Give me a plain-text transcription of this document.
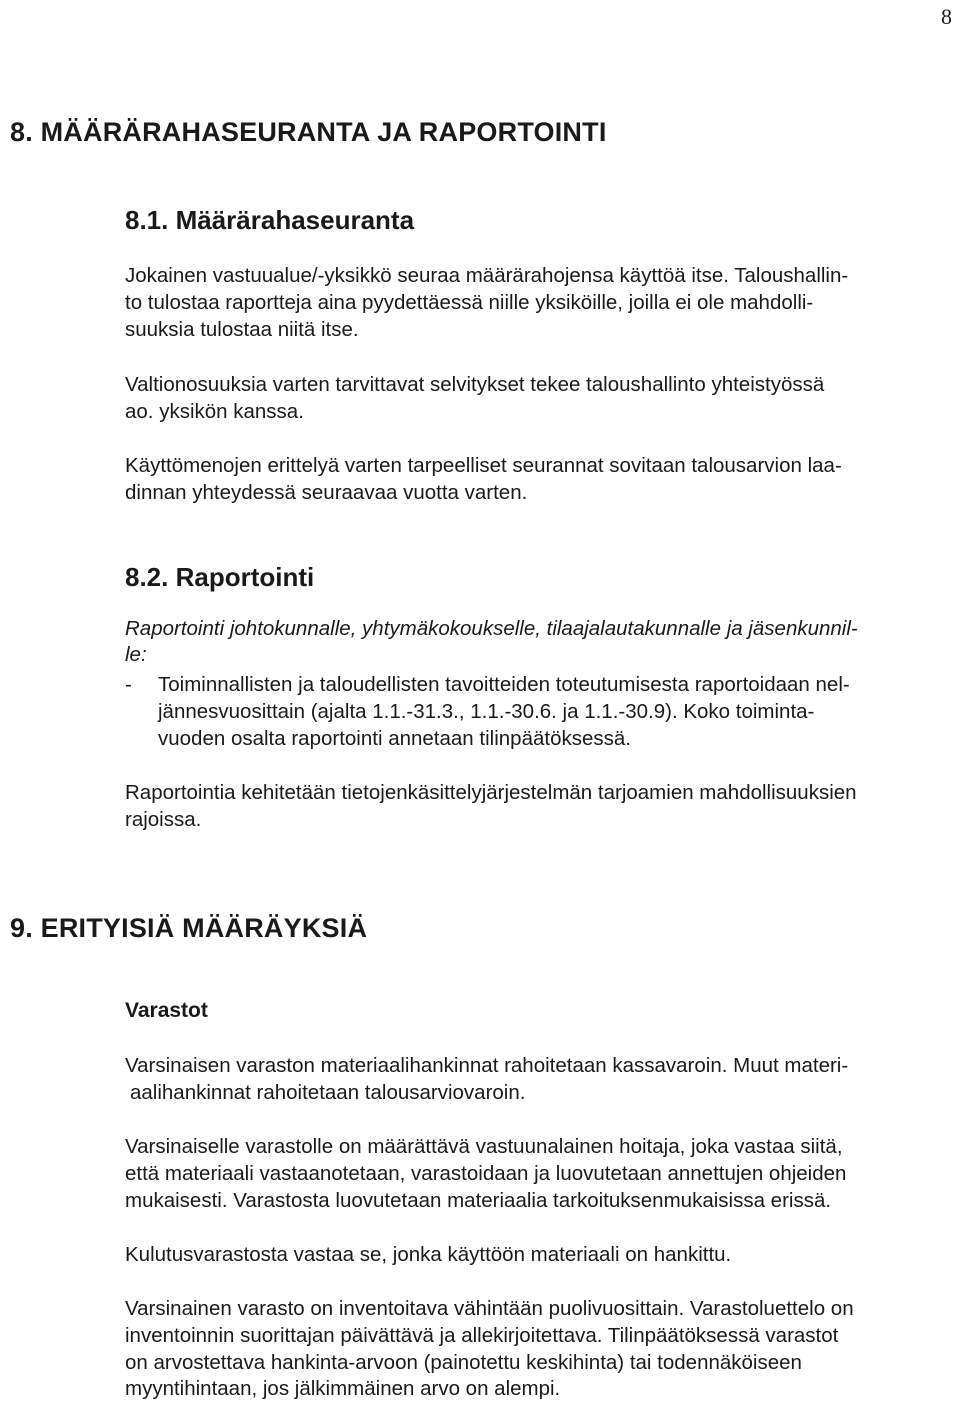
8
8. MÄÄRÄRAHASEURANTA JA RAPORTOINTI
8.1. Määrärahaseuranta

Jokainen vastuualue/-yksikkö seuraa määrärahojensa käyttöä itse. Taloushallin-

to tulostaa raportteja aina pyydettäessä niille yksiköille, joilla ei ole mahdolli-

suuksia tulostaa niitä itse.

Valtionosuuksia varten tarvittavat selvitykset tekee taloushallinto yhteistyössä

ao. yksikön kanssa.

Käyttömenojen erittelyä varten tarpeelliset seurannat sovitaan talousarvion laa-

dinnan yhteydessä seuraavaa vuotta varten.

8.2. Raportointi

Raportointi johtokunnalle, yhtymäkokoukselle, tilaajalautakunnalle ja jäsenkunnil-

le:

- Toiminnallisten ja taloudellisten tavoitteiden toteutumisesta raportoidaan nel-

jännesvuosittain (ajalta 1.1.-31.3., 1.1.-30.6. ja 1.1.-30.9). Koko toiminta-

vuoden osalta raportointi annetaan tilinpäätöksessä.

Raportointia kehitetään tietojenkäsittelyjärjestelmän tarjoamien mahdollisuuksien

rajoissa.

9. ERITYISIÄ MÄÄRÄYKSIÄ
Varastot

Varsinaisen varaston materiaalihankinnat rahoitetaan kassavaroin. Muut materi-

aalihankinnat rahoitetaan talousarviovaroin.

Varsinaiselle varastolle on määrättävä vastuunalainen hoitaja, joka vastaa siitä,

että materiaali vastaanotetaan, varastoidaan ja luovutetaan annettujen ohjeiden

mukaisesti. Varastosta luovutetaan materiaalia tarkoituksenmukaisissa erissä.

Kulutusvarastosta vastaa se, jonka käyttöön materiaali on hankittu.

Varsinainen varasto on inventoitava vähintään puolivuosittain. Varastoluettelo on

inventoinnin suorittajan päivättävä ja allekirjoitettava. Tilinpäätöksessä varastot

on arvostettava hankinta-arvoon (painotettu keskihinta) tai todennäköiseen

myyntihintaan, jos jälkimmäinen arvo on alempi.
